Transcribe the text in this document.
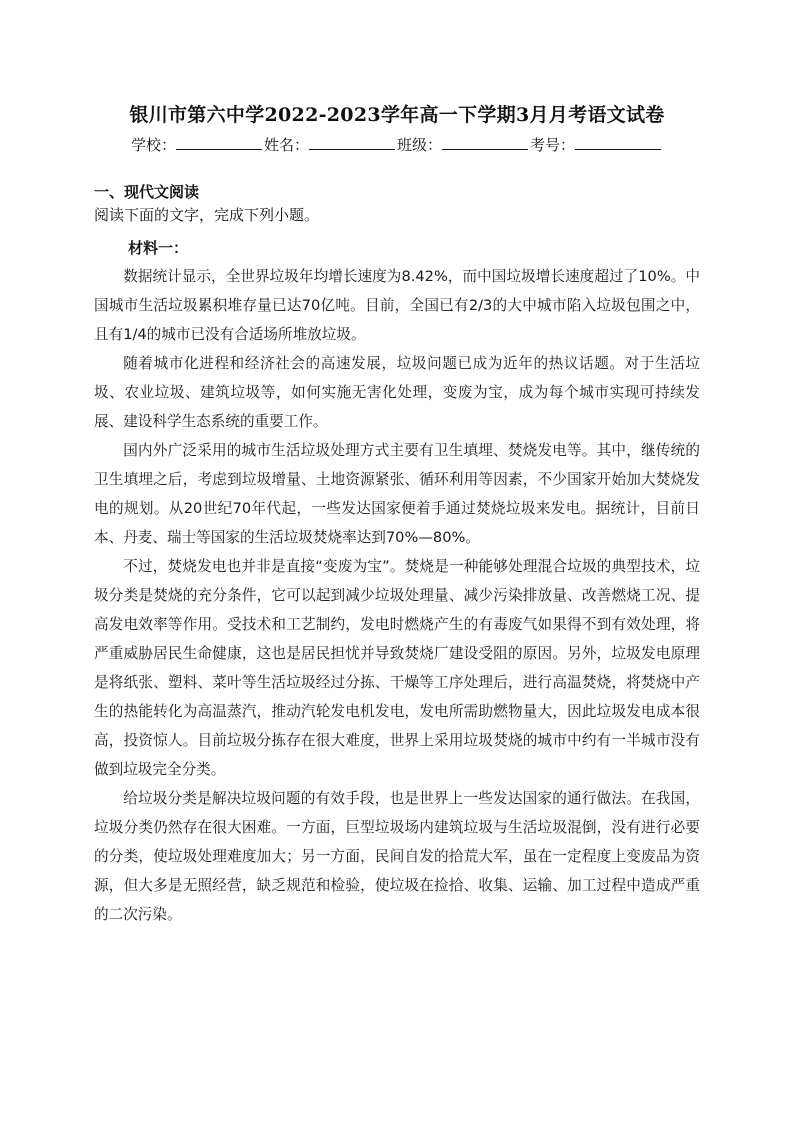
银川市第六中学2022-2023学年高一下学期3月月考语文试卷
学校：	姓名：	班级：	考号：
一、现代文阅读
阅读下面的文字，完成下列小题。
材料一：

数据统计显示，全世界垃圾年均增长速度为8.42%，而中国垃圾增长速度超过了10%。中国城市生活垃圾累积堆存量已达70亿吨。目前，全国已有2/3的大中城市陷入垃圾包围之中，且有1/4的城市已没有合适场所堆放垃圾。

随着城市化进程和经济社会的高速发展，垃圾问题已成为近年的热议话题。对于生活垃圾、农业垃圾、建筑垃圾等，如何实施无害化处理，变废为宝，成为每个城市实现可持续发展、建设科学生态系统的重要工作。

国内外广泛采用的城市生活垃圾处理方式主要有卫生填埋、焚烧发电等。其中，继传统的卫生填埋之后，考虑到垃圾增量、土地资源紧张、循环利用等因素，不少国家开始加大焚烧发电的规划。从20世纪70年代起，一些发达国家便着手通过焚烧垃圾来发电。据统计，目前日本、丹麦、瑞士等国家的生活垃圾焚烧率达到70%—80%。

不过，焚烧发电也并非是直接“变废为宝”。焚烧是一种能够处理混合垃圾的典型技术，垃圾分类是焚烧的充分条件，它可以起到减少垃圾处理量、减少污染排放量、改善燃烧工况、提高发电效率等作用。受技术和工艺制约，发电时燃烧产生的有毒废气如果得不到有效处理，将严重威胁居民生命健康，这也是居民担忧并导致焚烧厂建设受阻的原因。另外，垃圾发电原理是将纸张、塑料、菜叶等生活垃圾经过分拣、干燥等工序处理后，进行高温焚烧，将焚烧中产生的热能转化为高温蒸汽，推动汽轮发电机发电，发电所需助燃物量大，因此垃圾发电成本很高，投资惊人。目前垃圾分拣存在很大难度，世界上采用垃圾焚烧的城市中约有一半城市没有做到垃圾完全分类。

给垃圾分类是解决垃圾问题的有效手段，也是世界上一些发达国家的通行做法。在我国，垃圾分类仍然存在很大困难。一方面，巨型垃圾场内建筑垃圾与生活垃圾混倒，没有进行必要的分类，使垃圾处理难度加大；另一方面，民间自发的拾荒大军，虽在一定程度上变废品为资源，但大多是无照经营，缺乏规范和检验，使垃圾在捡拾、收集、运输、加工过程中造成严重的二次污染。
